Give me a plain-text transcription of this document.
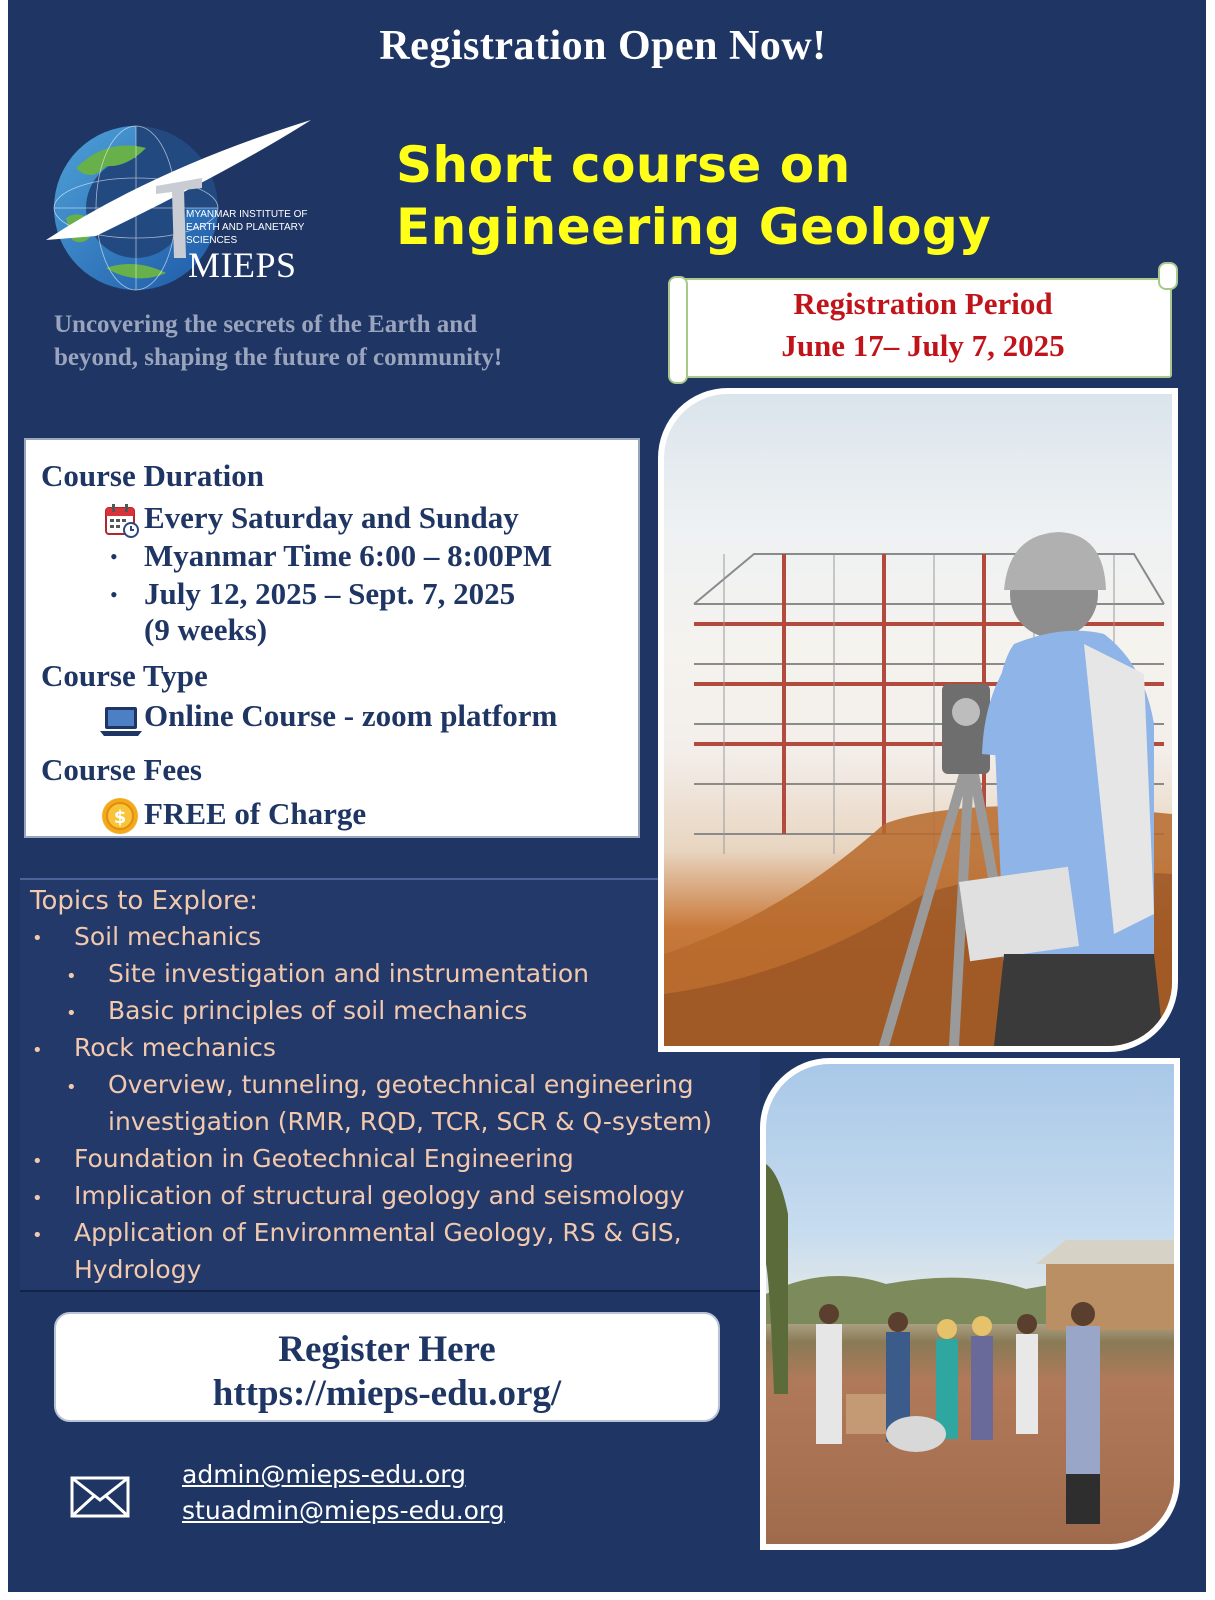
Registration Open Now!
MYANMAR INSTITUTE OF EARTH AND PLANETARY SCIENCES
MIEPS
Short course on
Engineering Geology
Uncovering the secrets of the Earth and beyond, shaping the future of community!
Registration Period
June 17– July 7, 2025
Course Duration
Every Saturday and Sunday
• Myanmar Time 6:00 – 8:00PM
• July 12, 2025 – Sept. 7, 2025
(9 weeks)
Course Type
Online Course - zoom platform
Course Fees
$ FREE of Charge
Topics to Explore:
• Soil mechanics
• Site investigation and instrumentation
• Basic principles of soil mechanics
• Rock mechanics
• Overview, tunneling, geotechnical engineering
investigation (RMR, RQD, TCR, SCR & Q-system)
• Foundation in Geotechnical Engineering
• Implication of structural geology and seismology
• Application of Environmental Geology, RS & GIS,
Hydrology
Register Here
https://mieps-edu.org/
admin@mieps-edu.org
stuadmin@mieps-edu.org
